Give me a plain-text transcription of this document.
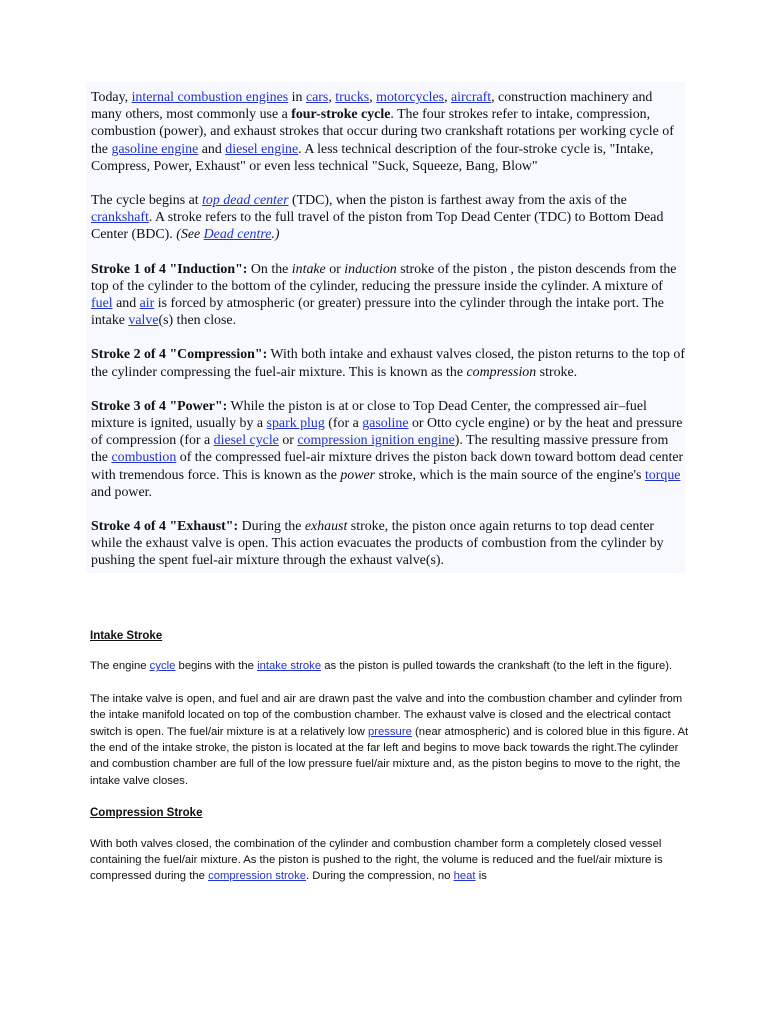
Today, internal combustion engines in cars, trucks, motorcycles, aircraft, construction machinery and many others, most commonly use a four-stroke cycle. The four strokes refer to intake, compression, combustion (power), and exhaust strokes that occur during two crankshaft rotations per working cycle of the gasoline engine and diesel engine. A less technical description of the four-stroke cycle is, "Intake, Compress, Power, Exhaust" or even less technical "Suck, Squeeze, Bang, Blow"

The cycle begins at top dead center (TDC), when the piston is farthest away from the axis of the crankshaft. A stroke refers to the full travel of the piston from Top Dead Center (TDC) to Bottom Dead Center (BDC). (See Dead centre.)

Stroke 1 of 4 "Induction": On the intake or induction stroke of the piston , the piston descends from the top of the cylinder to the bottom of the cylinder, reducing the pressure inside the cylinder. A mixture of fuel and air is forced by atmospheric (or greater) pressure into the cylinder through the intake port. The intake valve(s) then close.

Stroke 2 of 4 "Compression": With both intake and exhaust valves closed, the piston returns to the top of the cylinder compressing the fuel-air mixture. This is known as the compression stroke.

Stroke 3 of 4 "Power": While the piston is at or close to Top Dead Center, the compressed air–fuel mixture is ignited, usually by a spark plug (for a gasoline or Otto cycle engine) or by the heat and pressure of compression (for a diesel cycle or compression ignition engine). The resulting massive pressure from the combustion of the compressed fuel-air mixture drives the piston back down toward bottom dead center with tremendous force. This is known as the power stroke, which is the main source of the engine's torque and power.

Stroke 4 of 4 "Exhaust": During the exhaust stroke, the piston once again returns to top dead center while the exhaust valve is open. This action evacuates the products of combustion from the cylinder by pushing the spent fuel-air mixture through the exhaust valve(s).

Intake Stroke

The engine cycle begins with the intake stroke as the piston is pulled towards the crankshaft (to the left in the figure).

The intake valve is open, and fuel and air are drawn past the valve and into the combustion chamber and cylinder from the intake manifold located on top of the combustion chamber. The exhaust valve is closed and the electrical contact switch is open. The fuel/air mixture is at a relatively low pressure (near atmospheric) and is colored blue in this figure. At the end of the intake stroke, the piston is located at the far left and begins to move back towards the right.The cylinder and combustion chamber are full of the low pressure fuel/air mixture and, as the piston begins to move to the right, the intake valve closes.

Compression Stroke

With both valves closed, the combination of the cylinder and combustion chamber form a completely closed vessel containing the fuel/air mixture. As the piston is pushed to the right, the volume is reduced and the fuel/air mixture is compressed during the compression stroke. During the compression, no heat is
